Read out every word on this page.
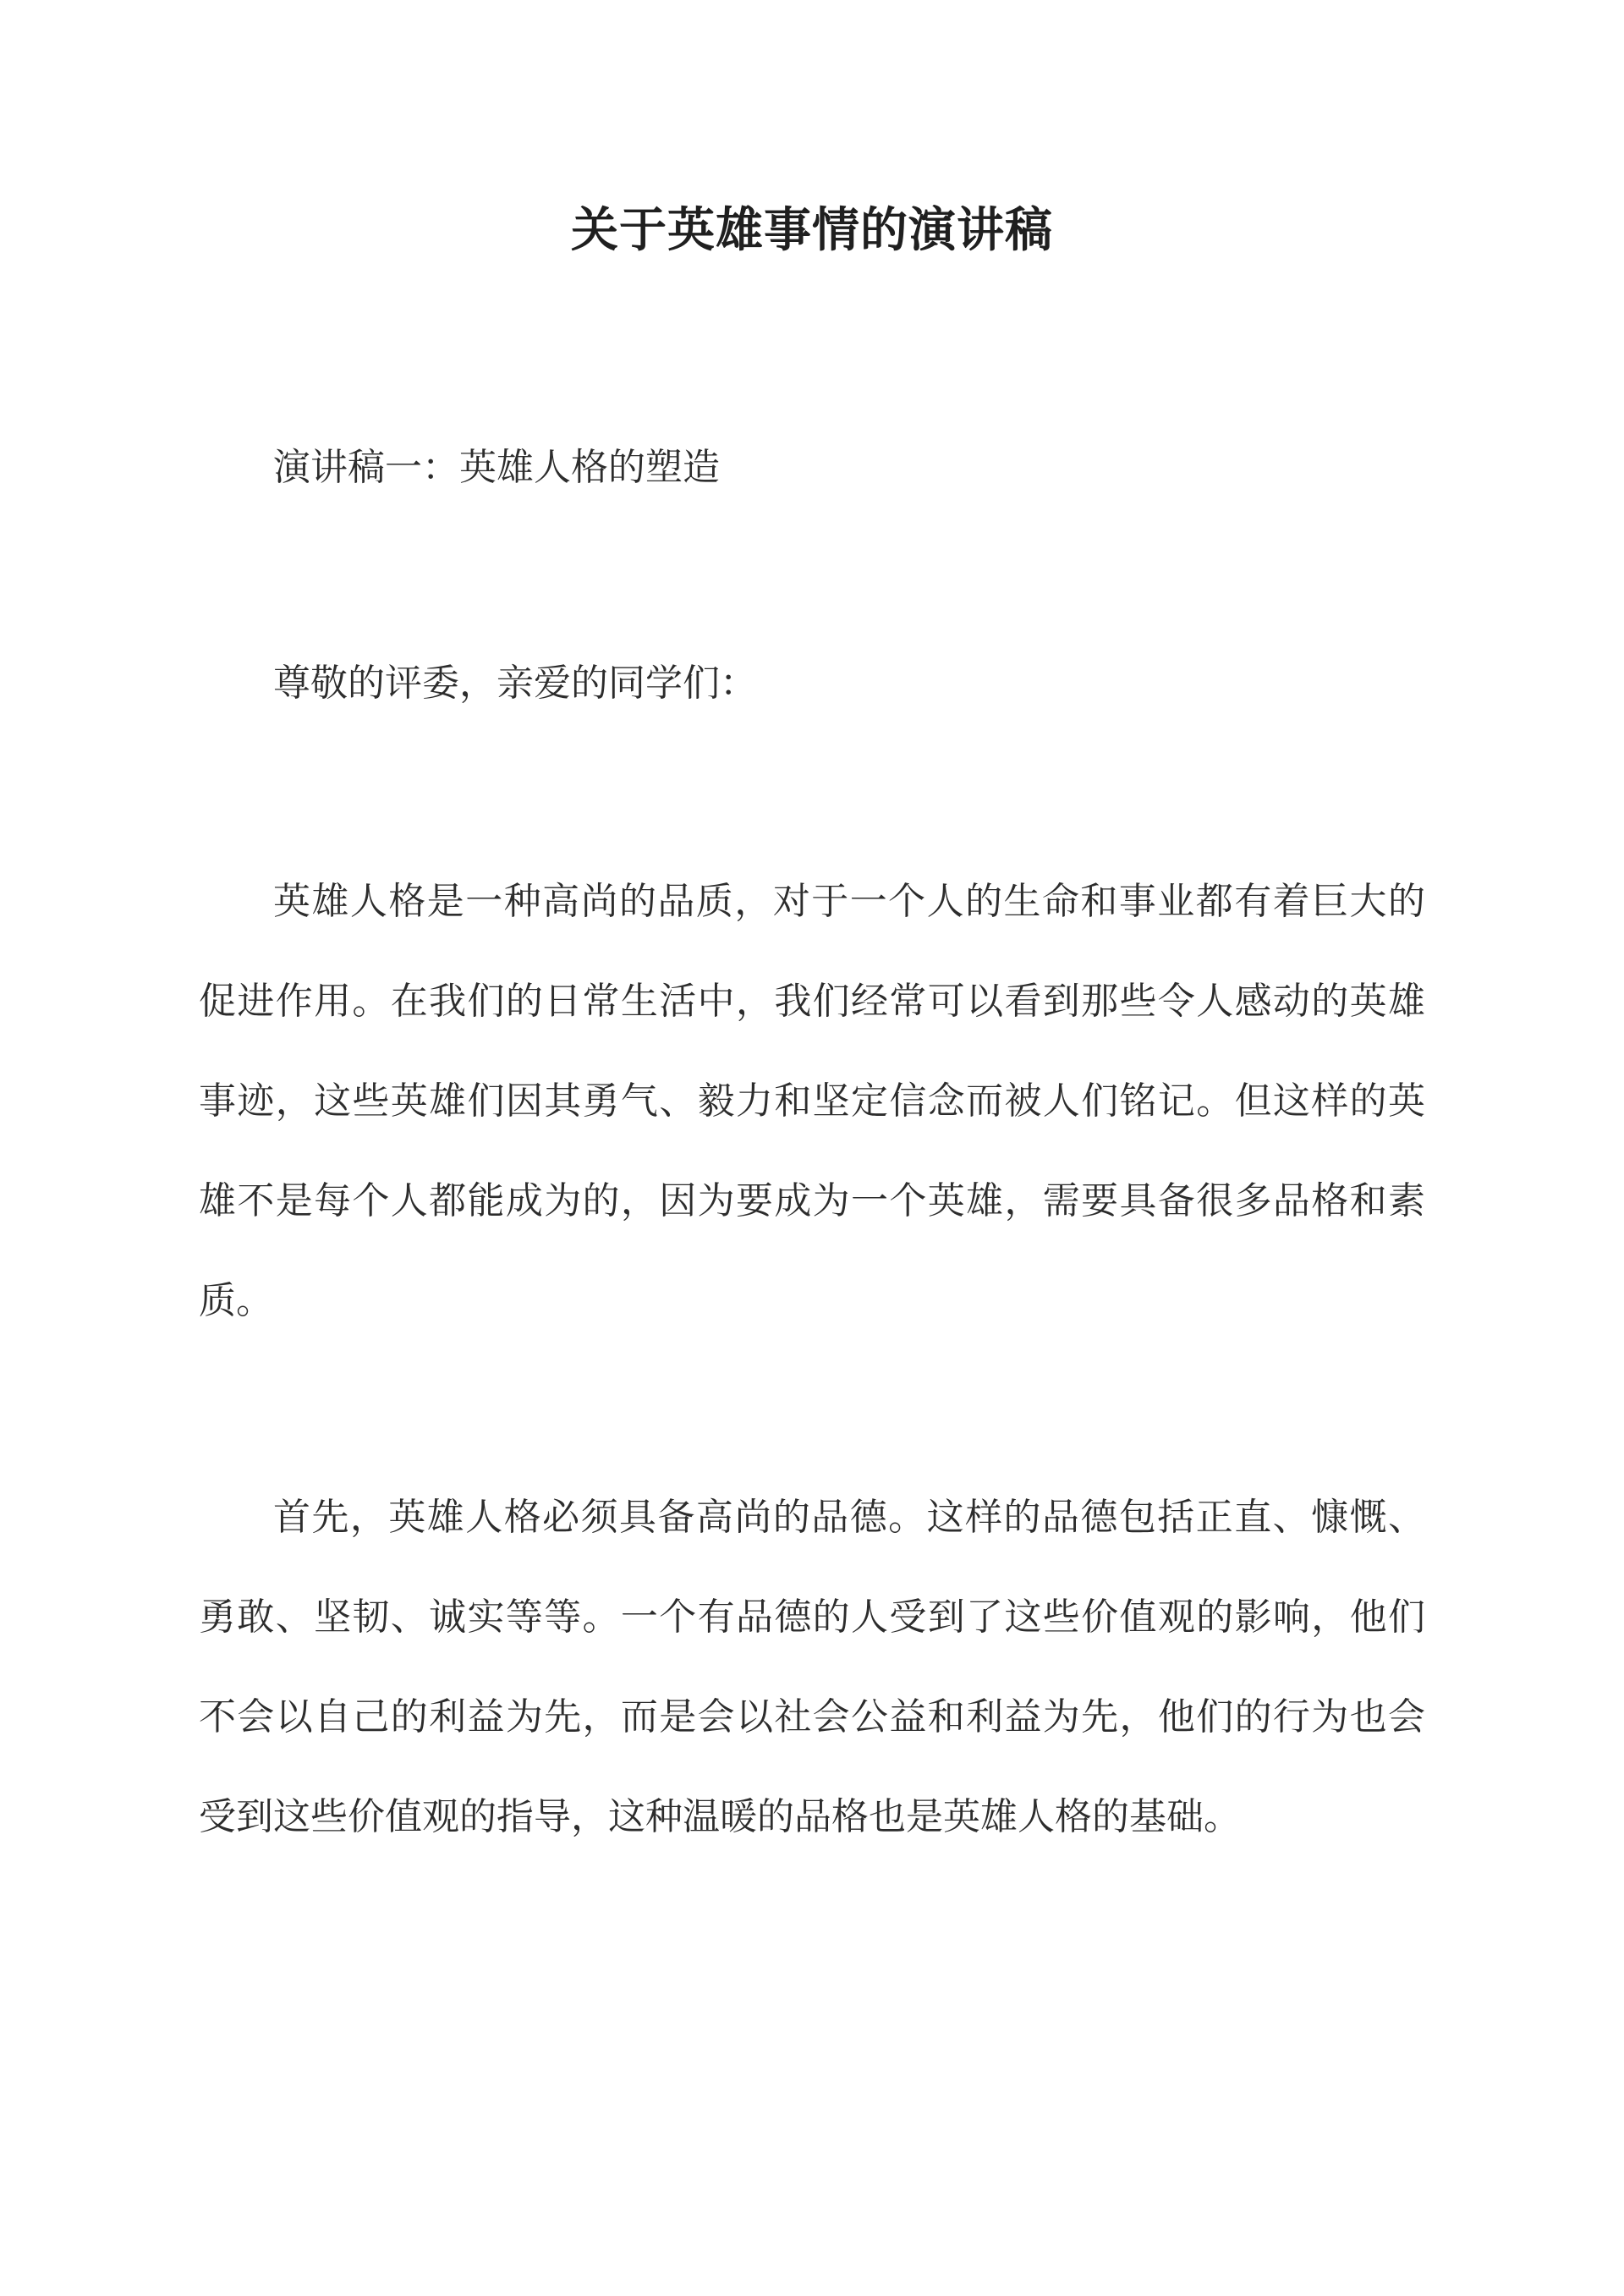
关于英雄事情的演讲稿

演讲稿一：英雄人格的塑造

尊敬的评委，亲爱的同学们：

英雄人格是一种高尚的品质，对于一个人的生命和事业都有着巨大的促进作用。在我们的日常生活中，我们经常可以看到那些令人感动的英雄事迹，这些英雄们因其勇气、毅力和坚定信念而被人们铭记。但这样的英雄不是每个人都能成为的，因为要成为一个英雄，需要具备很多品格和素质。

首先，英雄人格必须具备高尚的品德。这样的品德包括正直、慷慨、勇敢、坚韧、诚实等等。一个有品德的人受到了这些价值观的影响，他们不会以自己的利益为先，而是会以社会公益和利益为先，他们的行为也会受到这些价值观的指导，这种温暖的品格也是英雄人格的基础。
